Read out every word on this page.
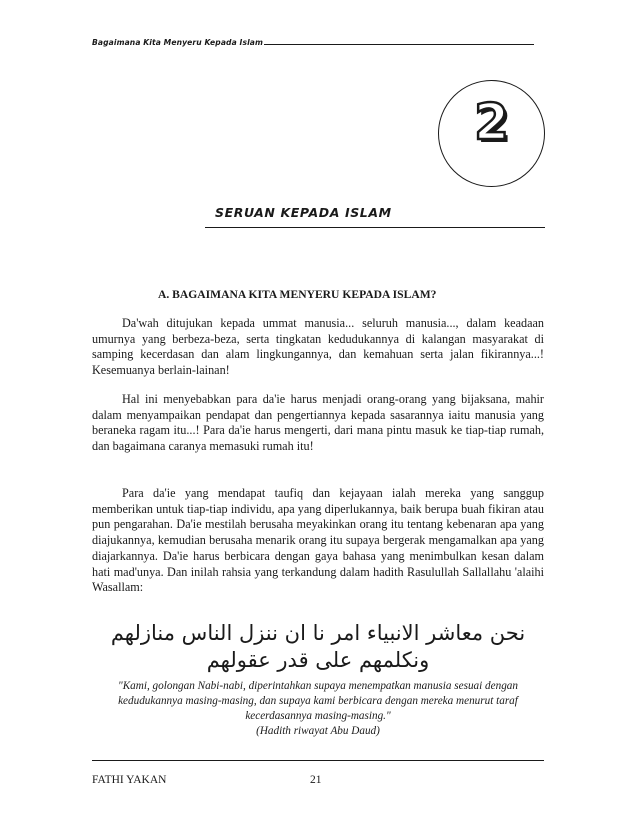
Bagaimana Kita Menyeru Kepada Islam
2
SERUAN KEPADA ISLAM
A. BAGAIMANA KITA MENYERU KEPADA ISLAM?

Da'wah ditujukan kepada ummat manusia... seluruh manusia..., dalam keadaan umurnya yang berbeza-beza, serta tingkatan kedudukannya di kalangan masyarakat di samping kecerdasan dan alam lingkungannya, dan kemahuan serta jalan fikirannya...! Kesemuanya berlain-lainan!

Hal ini menyebabkan para da'ie harus menjadi orang-orang yang bijaksana, mahir dalam menyampaikan pendapat dan pengertiannya kepada sasarannya iaitu manusia yang beraneka ragam itu...! Para da'ie harus mengerti, dari mana pintu masuk ke tiap-tiap rumah, dan bagaimana caranya memasuki rumah itu!

Para da'ie yang mendapat taufiq dan kejayaan ialah mereka yang sanggup memberikan untuk tiap-tiap individu, apa yang diperlukannya, baik berupa buah fikiran atau pun pengarahan. Da'ie mestilah berusaha meyakinkan orang itu tentang kebenaran apa yang diajukannya, kemudian berusaha menarik orang itu supaya bergerak mengamalkan apa yang diajarkannya. Da'ie harus berbicara dengan gaya bahasa yang menimbulkan kesan dalam hati mad'unya. Dan inilah rahsia yang terkandung dalam hadith Rasulullah Sallallahu 'alaihi Wasallam:

نحن معاشر الانبياء امر نا ان ننزل الناس منازلهم ونكلمهم على قدر عقولهم

"Kami, golongan Nabi-nabi, diperintahkan supaya menempatkan manusia sesuai dengan kedudukannya masing-masing, dan supaya kami berbicara dengan mereka menurut taraf kecerdasannya masing-masing."

(Hadith riwayat Abu Daud)

FATHI YAKAN	21
